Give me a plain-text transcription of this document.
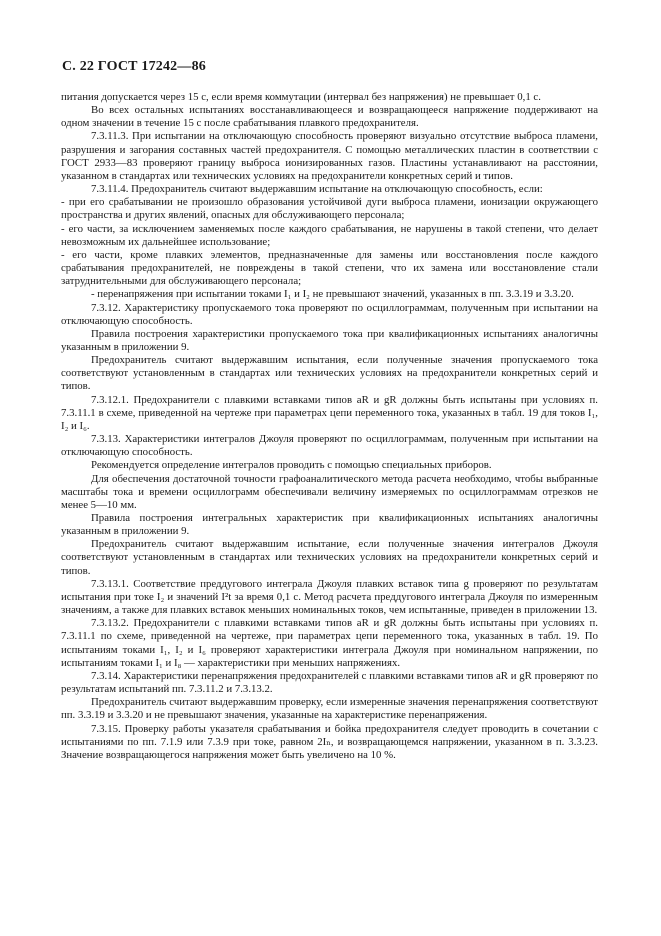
С. 22 ГОСТ 17242—86

питания допускается через 15 с, если время коммутации (интервал без напряжения) не превышает 0,1 с.

Во всех остальных испытаниях восстанавливающееся и возвращающееся напряжение поддерживают на одном значении в течение 15 с после срабатывания плавкого предохранителя.

7.3.11.3. При испытании на отключающую способность проверяют визуально отсутствие выброса пламени, разрушения и загорания составных частей предохранителя. С помощью металлических пластин в соответствии с ГОСТ 2933—83 проверяют границу выброса ионизированных газов. Пластины устанавливают на расстоянии, указанном в стандартах или технических условиях на предохранители конкретных серий и типов.

7.3.11.4. Предохранитель считают выдержавшим испытание на отключающую способность, если:

- при его срабатывании не произошло образования устойчивой дуги выброса пламени, ионизации окружающего пространства и других явлений, опасных для обслуживающего персонала;

- его части, за исключением заменяемых после каждого срабатывания, не нарушены в такой степени, что делает невозможным их дальнейшее использование;

- его части, кроме плавких элементов, предназначенные для замены или восстановления после каждого срабатывания предохранителей, не повреждены в такой степени, что их замена или восстановление стали затруднительными для обслуживающего персонала;

- перенапряжения при испытании токами I₁ и I₂ не превышают значений, указанных в пп. 3.3.19 и 3.3.20.

7.3.12. Характеристику пропускаемого тока проверяют по осциллограммам, полученным при испытании на отключающую способность.

Правила построения характеристики пропускаемого тока при квалификационных испытаниях аналогичны указанным в приложении 9.

Предохранитель считают выдержавшим испытания, если полученные значения пропускаемого тока соответствуют установленным в стандартах или технических условиях на предохранители конкретных серий и типов.

7.3.12.1. Предохранители с плавкими вставками типов aR и gR должны быть испытаны при условиях п. 7.3.11.1 в схеме, приведенной на чертеже при параметрах цепи переменного тока, указанных в табл. 19 для токов I₁, I₂ и I₆.

7.3.13. Характеристики интегралов Джоуля проверяют по осциллограммам, полученным при испытании на отключающую способность.

Рекомендуется определение интегралов проводить с помощью специальных приборов.

Для обеспечения достаточной точности графоаналитического метода расчета необходимо, чтобы выбранные масштабы тока и времени осциллограмм обеспечивали величину измеряемых по осциллограммам отрезков не менее 5—10 мм.

Правила построения интегральных характеристик при квалификационных испытаниях аналогичны указанным в приложении 9.

Предохранитель считают выдержавшим испытание, если полученные значения интегралов Джоуля соответствуют установленным в стандартах или технических условиях на предохранители конкретных серий и типов.

7.3.13.1. Соответствие преддугового интеграла Джоуля плавких вставок типа g проверяют по результатам испытания при токе I₂ и значений I²t за время 0,1 с. Метод расчета преддугового интеграла Джоуля по измеренным значениям, а также для плавких вставок меньших номинальных токов, чем испытанные, приведен в приложении 13.

7.3.13.2. Предохранители с плавкими вставками типов aR и gR должны быть испытаны при условиях п. 7.3.11.1 по схеме, приведенной на чертеже, при параметрах цепи переменного тока, указанных в табл. 19. По испытаниям токами I₁, I₂ и I₆ проверяют характеристики интеграла Джоуля при номинальном напряжении, по испытаниям токами I₁ и I₈ — характеристики при меньших напряжениях.

7.3.14. Характеристики перенапряжения предохранителей с плавкими вставками типов aR и gR проверяют по результатам испытаний пп. 7.3.11.2 и 7.3.13.2.

Предохранитель считают выдержавшим проверку, если измеренные значения перенапряжения соответствуют пп. 3.3.19 и 3.3.20 и не превышают значения, указанные на характеристике перенапряжения.

7.3.15. Проверку работы указателя срабатывания и бойка предохранителя следует проводить в сочетании с испытаниями по пп. 7.1.9 или 7.3.9 при токе, равном 2Iₙ, и возвращающемся напряжении, указанном в п. 3.3.23. Значение возвращающегося напряжения может быть увеличено на 10 %.
